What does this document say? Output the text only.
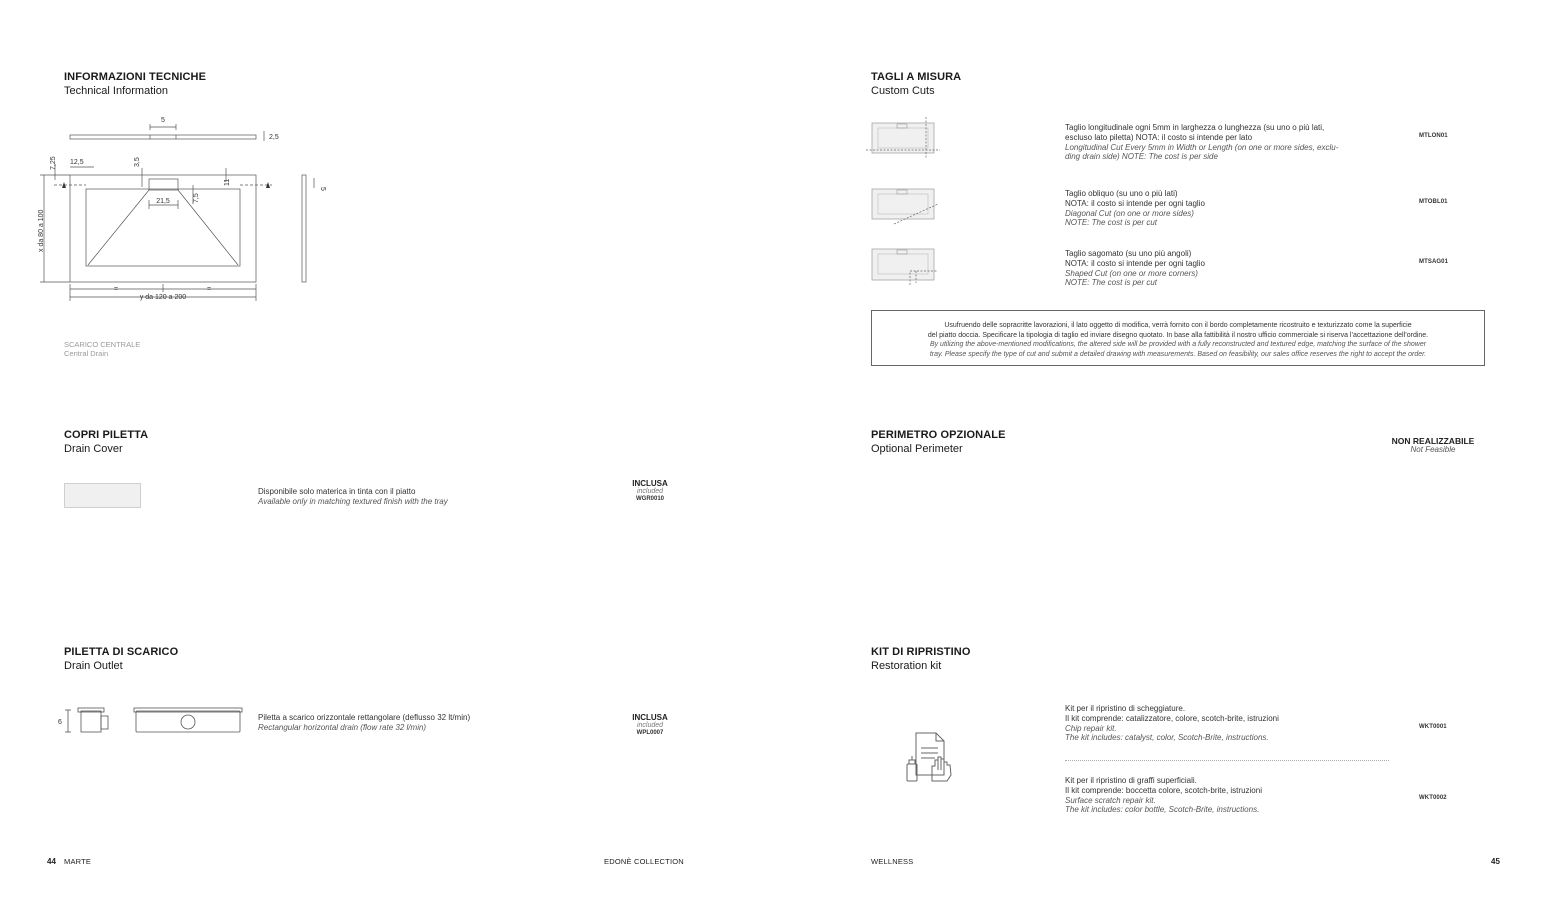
INFORMAZIONI TECNICHE
Technical Information
5
2,5
12,5
7,25	3,5
11
7,5
21,5
5
x da 80 a 100
=	=
y da 120 a 200
SCARICO CENTRALE
Central Drain
COPRI PILETTA
Drain Cover
Disponibile solo materica in tinta con il piatto
Available only in matching textured finish with the tray
INCLUSA
included
WGR0010
PILETTA DI SCARICO
Drain Outlet
6
Piletta a scarico orizzontale rettangolare (deflusso 32 lt/min)
Rectangular horizontal drain (flow rate 32 l/min)
INCLUSA
included
WPL0007
44 MARTE	EDONÈ COLLECTION
TAGLI A MISURA
Custom Cuts
Taglio longitudinale ogni 5mm in larghezza o lunghezza (su uno o più lati,
escluso lato piletta) NOTA: il costo si intende per lato
Longitudinal Cut Every 5mm in Width or Length (on one or more sides, exclu-
ding drain side) NOTE: The cost is per side
MTLON01
Taglio obliquo (su uno o più lati)
NOTA: il costo si intende per ogni taglio
Diagonal Cut (on one or more sides)
NOTE: The cost is per cut
MTOBL01
Taglio sagomato (su uno più angoli)
NOTA: il costo si intende per ogni taglio
Shaped Cut (on one or more corners)
NOTE: The cost is per cut
MTSAG01
Usufruendo delle sopracritte lavorazioni, il lato oggetto di modifica, verrà fornito con il bordo completamente ricostruito e texturizzato come la superficie
del piatto doccia. Specificare la tipologia di taglio ed inviare disegno quotato. In base alla fattibilità il nostro ufficio commerciale si riserva l’accettazione dell’ordine.
By utilizing the above-mentioned modifications, the altered side will be provided with a fully reconstructed and textured edge, matching the surface of the shower
tray. Please specify the type of cut and submit a detailed drawing with measurements. Based on feasibility, our sales office reserves the right to accept the order.
PERIMETRO OPZIONALE
Optional Perimeter
NON REALIZZABILE
Not Feasible
KIT DI RIPRISTINO
Restoration kit
Kit per il ripristino di scheggiature.
Il kit comprende: catalizzatore, colore, scotch-brite, istruzioni
Chip repair kit.
The kit includes: catalyst, color, Scotch-Brite, instructions.
WKT0001
Kit per il ripristino di graffi superficiali.
Il kit comprende: boccetta colore, scotch-brite, istruzioni
Surface scratch repair kit.
The kit includes: color bottle, Scotch-Brite, instructions.
WKT0002
WELLNESS	45
